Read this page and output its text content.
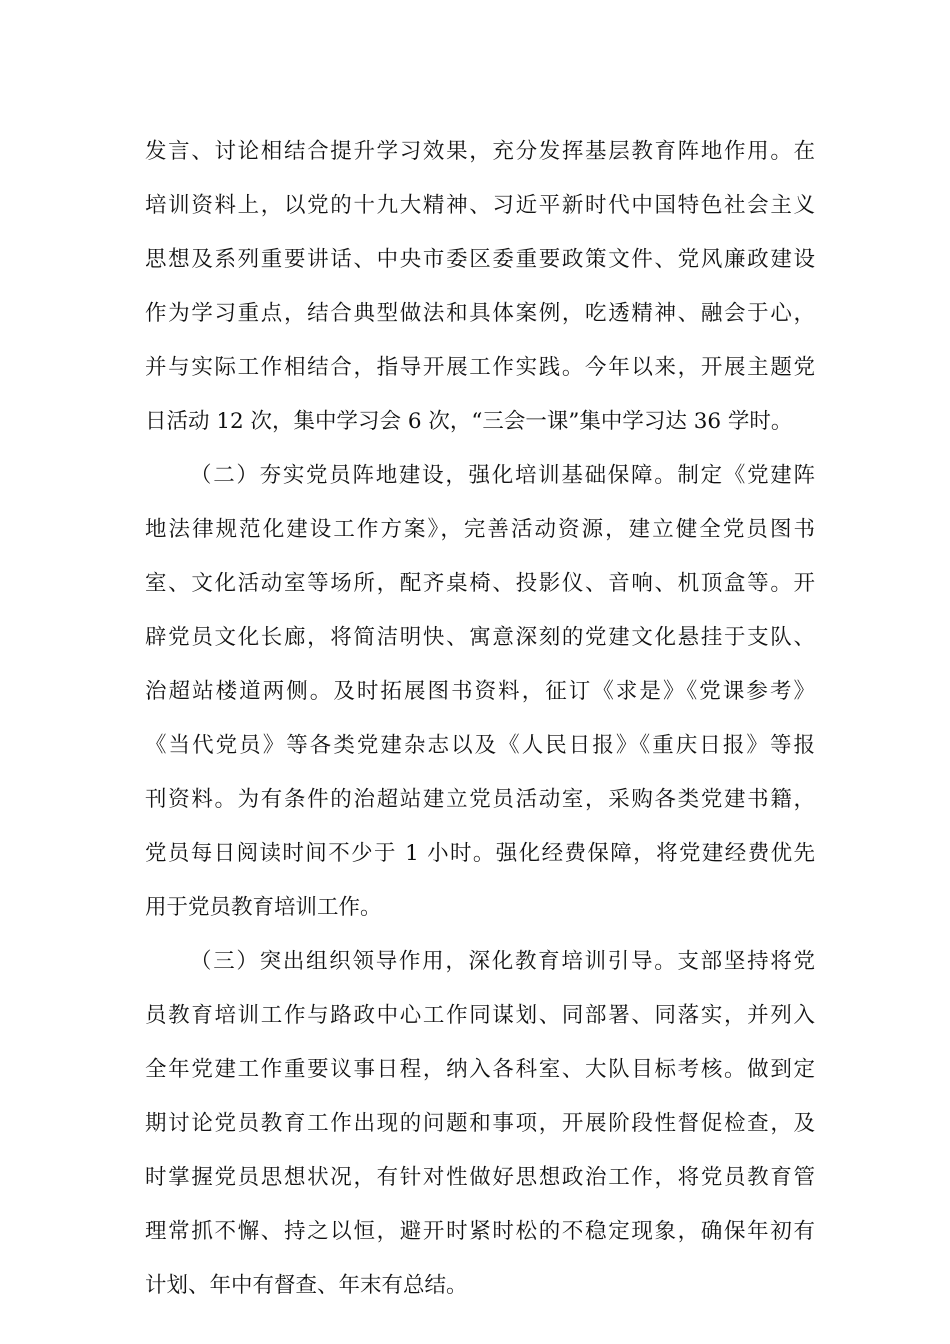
发言、讨论相结合提升学习效果，充分发挥基层教育阵地作用。在
培训资料上，以党的十九大精神、习近平新时代中国特色社会主义
思想及系列重要讲话、中央市委区委重要政策文件、党风廉政建设
作为学习重点，结合典型做法和具体案例，吃透精神、融会于心，
并与实际工作相结合，指导开展工作实践。今年以来，开展主题党
日活动 12 次，集中学习会 6 次，“三会一课”集中学习达 36 学时。
（二）夯实党员阵地建设，强化培训基础保障。制定《党建阵
地法律规范化建设工作方案》，完善活动资源，建立健全党员图书
室、文化活动室等场所，配齐桌椅、投影仪、音响、机顶盒等。开
辟党员文化长廊，将简洁明快、寓意深刻的党建文化悬挂于支队、
治超站楼道两侧。及时拓展图书资料，征订《求是》《党课参考》
《当代党员》等各类党建杂志以及《人民日报》《重庆日报》等报
刊资料。为有条件的治超站建立党员活动室，采购各类党建书籍，
党员每日阅读时间不少于 1 小时。强化经费保障，将党建经费优先
用于党员教育培训工作。
（三）突出组织领导作用，深化教育培训引导。支部坚持将党
员教育培训工作与路政中心工作同谋划、同部署、同落实，并列入
全年党建工作重要议事日程，纳入各科室、大队目标考核。做到定
期讨论党员教育工作出现的问题和事项，开展阶段性督促检查，及
时掌握党员思想状况，有针对性做好思想政治工作，将党员教育管
理常抓不懈、持之以恒，避开时紧时松的不稳定现象，确保年初有
计划、年中有督查、年末有总结。
